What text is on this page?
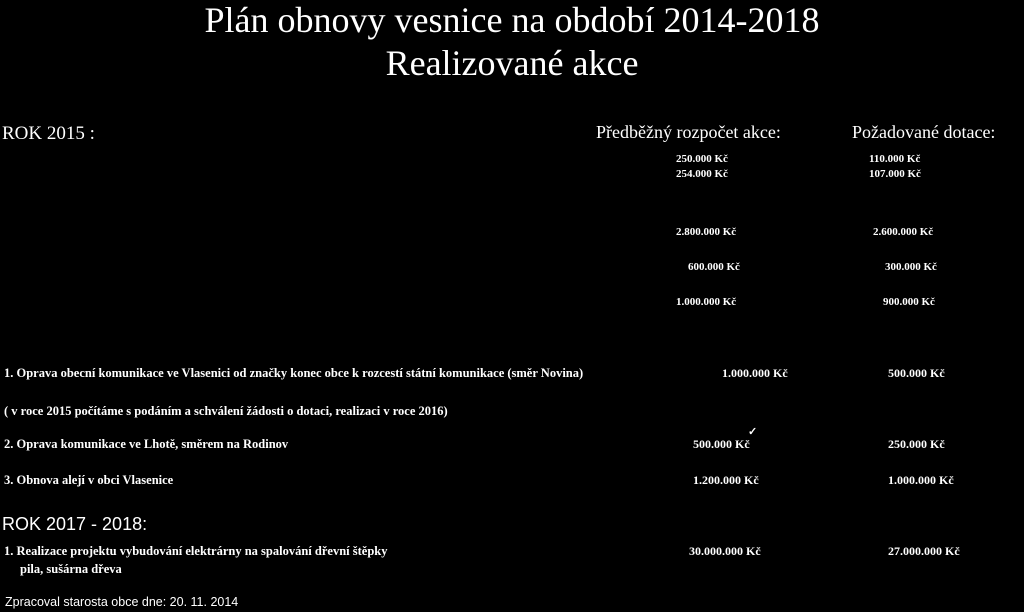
Plán obnovy vesnice na období 2014-2018
Realizované akce
ROK 2015 :	Předběžný rozpočet akce:	Požadované dotace:
250.000 Kč	110.000 Kč
254.000 Kč	107.000 Kč
2.800.000 Kč	2.600.000 Kč
600.000 Kč	300.000 Kč
1.000.000 Kč	900.000 Kč
1. Oprava obecní komunikace ve Vlasenici od značky konec obce k rozcestí státní komunikace (směr Novina)	1.000.000 Kč	500.000 Kč
( v roce 2015 počítáme s podáním a schválení žádosti o dotaci, realizaci v roce 2016)
✓
2. Oprava komunikace ve Lhotě, směrem na Rodinov	500.000 Kč	250.000 Kč
3. Obnova alejí v obci Vlasenice	1.200.000 Kč	1.000.000 Kč
ROK 2017 - 2018:
1. Realizace projektu vybudování elektrárny na spalování dřevní štěpky
pila, sušárna dřeva
30.000.000 Kč	27.000.000 Kč
Zpracoval starosta obce dne: 20. 11. 2014
